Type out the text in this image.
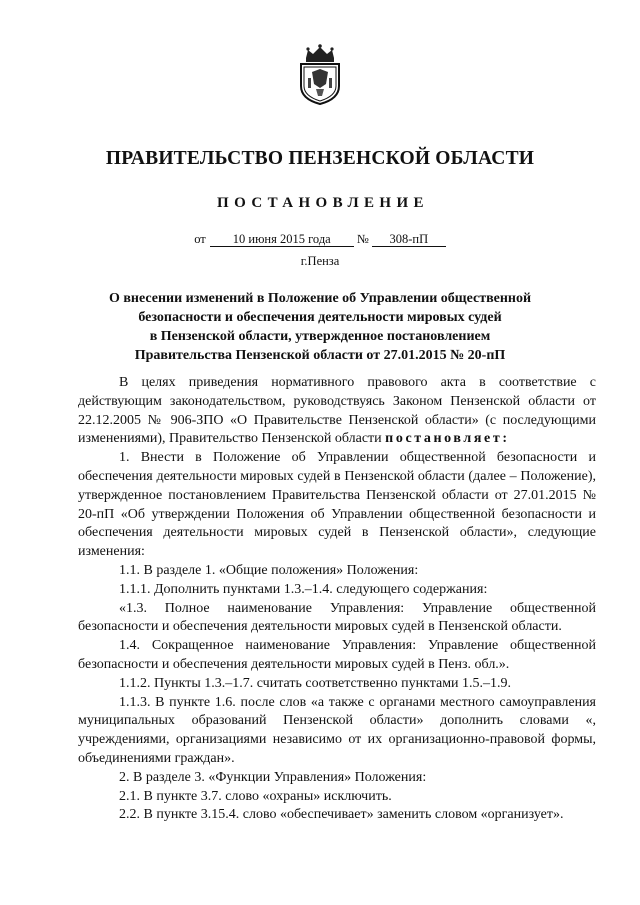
ПРАВИТЕЛЬСТВО ПЕНЗЕНСКОЙ ОБЛАСТИ
ПОСТАНОВЛЕНИЕ
от 10 июня 2015 года № 308-пП
г.Пенза
О внесении изменений в Положение об Управлении общественной
безопасности и обеспечения деятельности мировых судей
в Пензенской области, утвержденное постановлением
Правительства Пензенской области от 27.01.2015 № 20-пП

В целях приведения нормативного правового акта в соответствие с действующим законодательством, руководствуясь Законом Пензенской области от 22.12.2005 № 906-ЗПО «О Правительстве Пензенской области» (с последующими изменениями), Правительство Пензенской области постановляет:

1. Внести в Положение об Управлении общественной безопасности и обеспечения деятельности мировых судей в Пензенской области (далее – Положение), утвержденное постановлением Правительства Пензенской области от 27.01.2015 № 20-пП «Об утверждении Положения об Управлении общественной безопасности и обеспечения деятельности мировых судей в Пензенской области», следующие изменения:

1.1. В разделе 1. «Общие положения» Положения:

1.1.1. Дополнить пунктами 1.3.–1.4. следующего содержания:

«1.3. Полное наименование Управления: Управление общественной безопасности и обеспечения деятельности мировых судей в Пензенской области.

1.4. Сокращенное наименование Управления: Управление общественной безопасности и обеспечения деятельности мировых судей в Пенз. обл.».

1.1.2. Пункты 1.3.–1.7. считать соответственно пунктами 1.5.–1.9.

1.1.3. В пункте 1.6. после слов «а также с органами местного самоуправления муниципальных образований Пензенской области» дополнить словами «, учреждениями, организациями независимо от их организационно-правовой формы, объединениями граждан».

2. В разделе 3. «Функции Управления» Положения:

2.1. В пункте 3.7. слово «охраны» исключить.

2.2. В пункте 3.15.4. слово «обеспечивает» заменить словом «организует».
